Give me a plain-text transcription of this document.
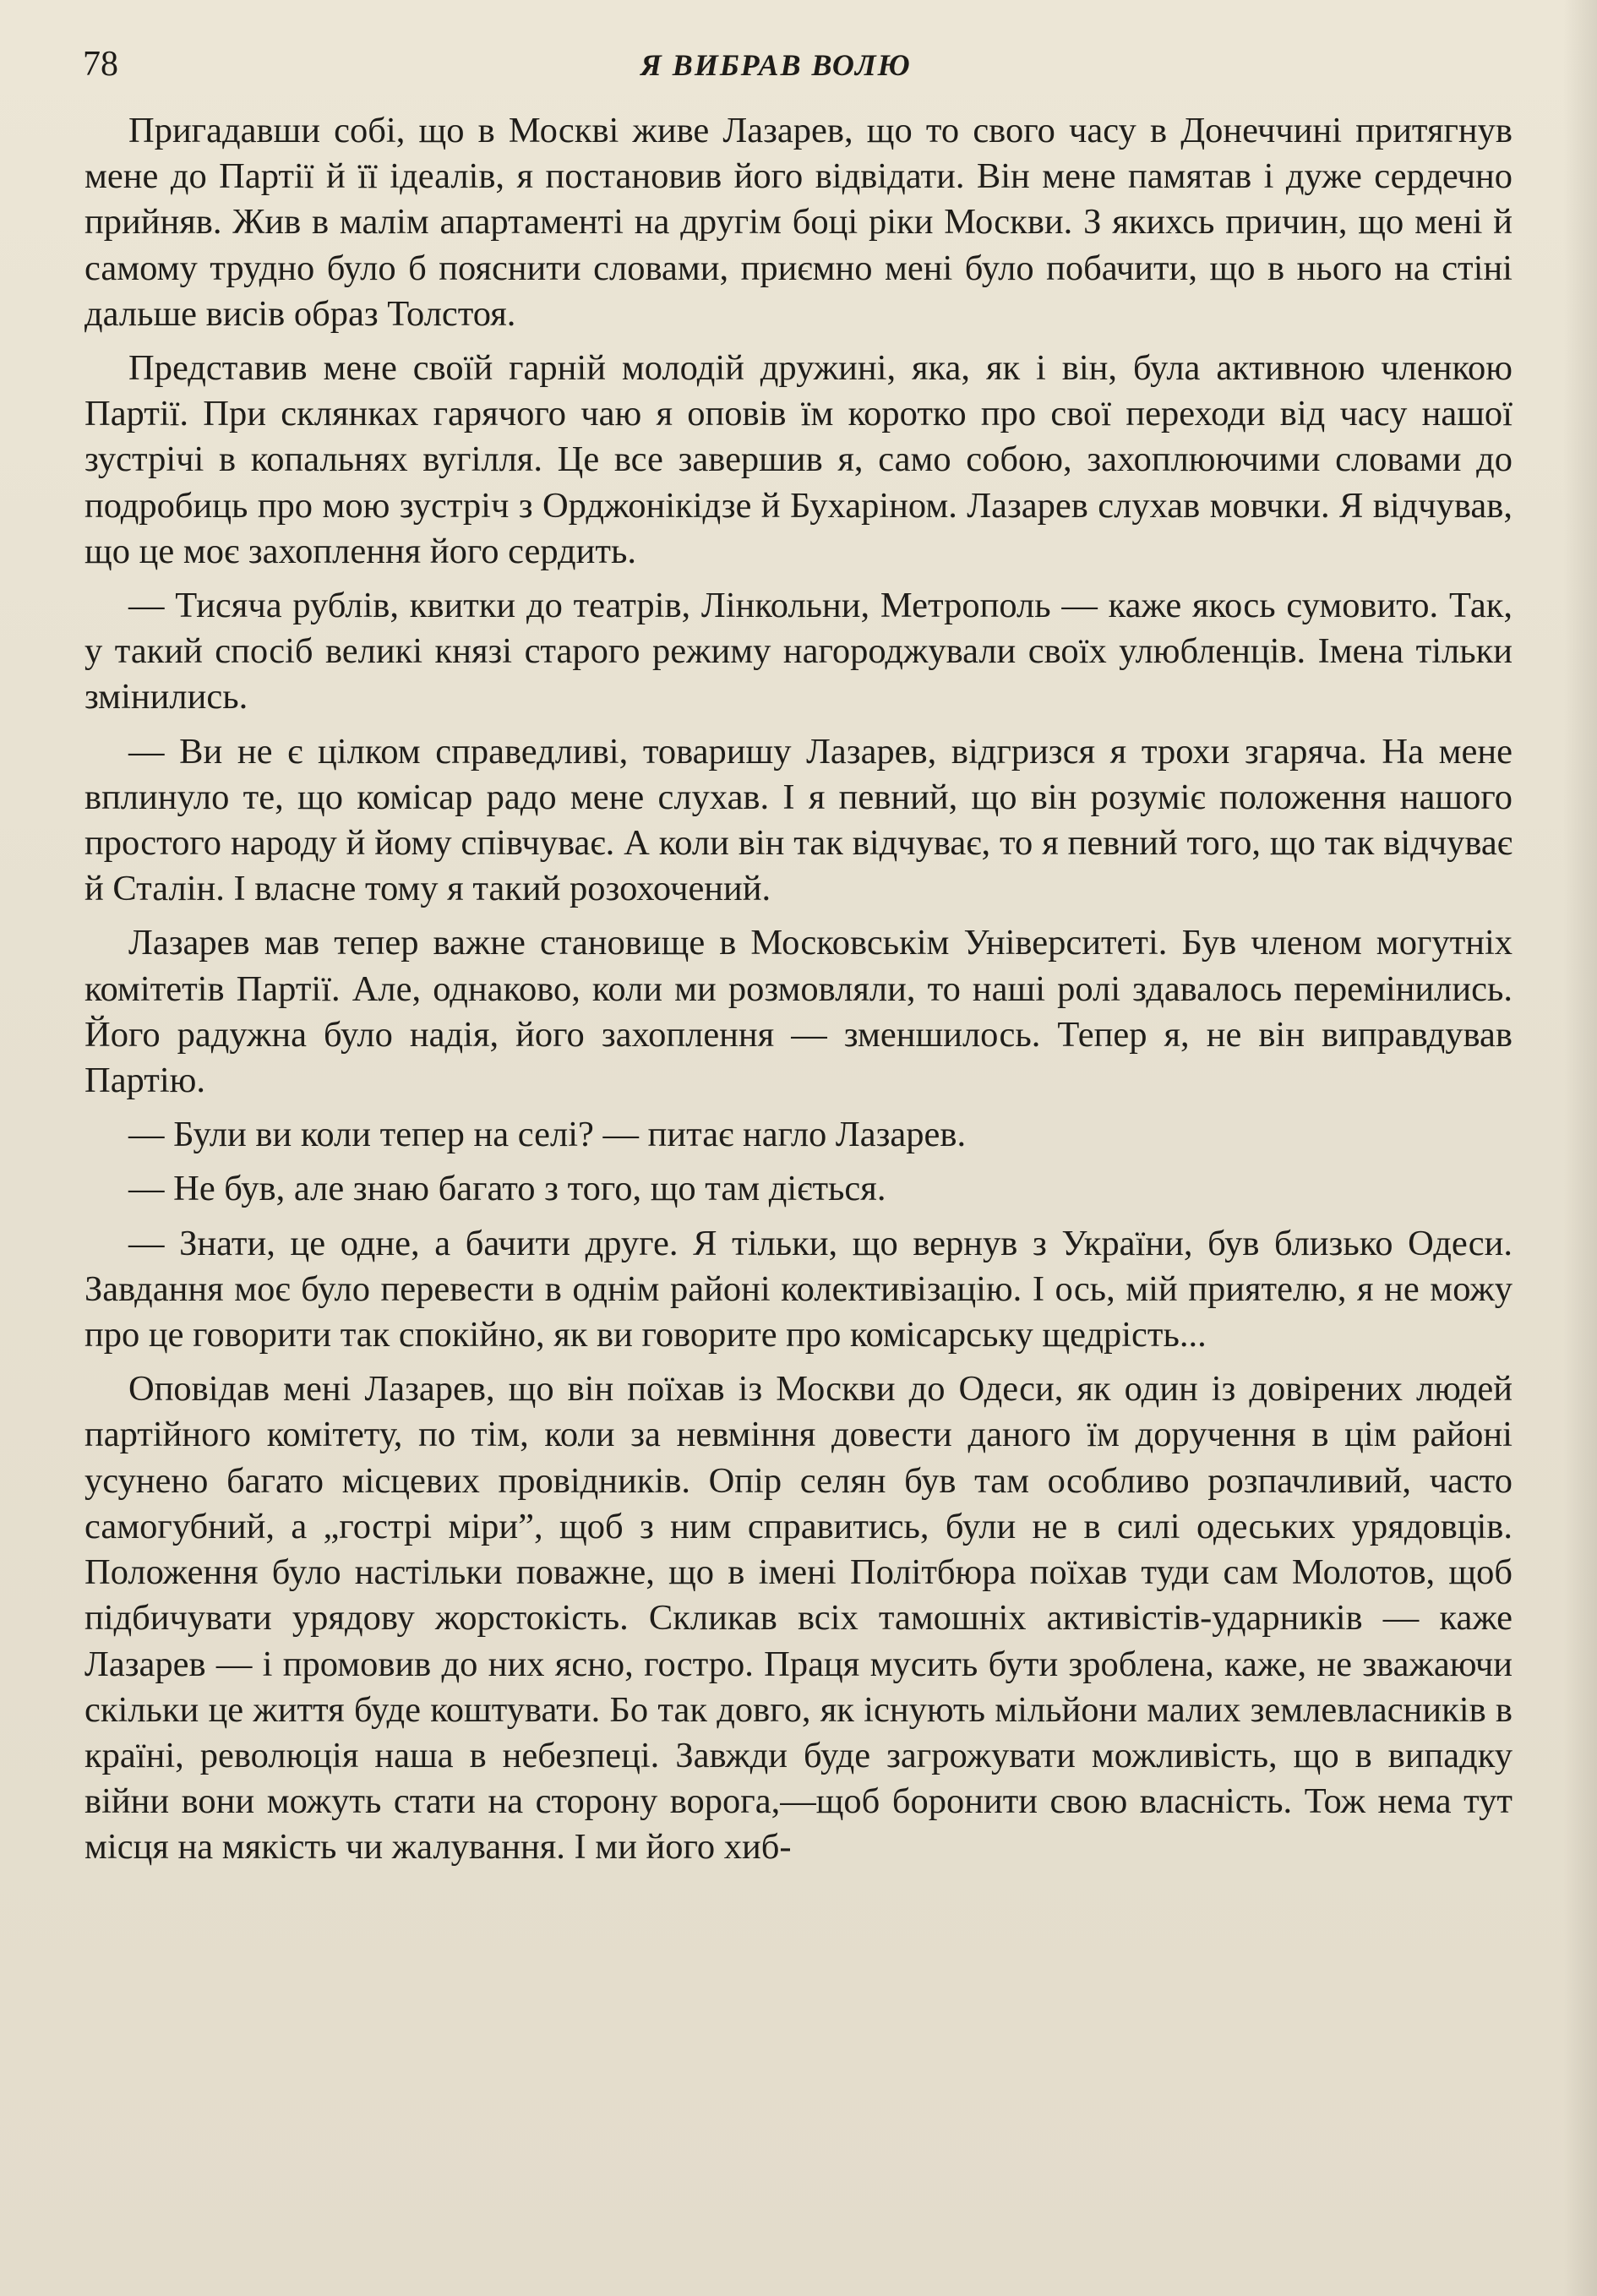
78	Я ВИБРАВ ВОЛЮ

Пригадавши собі, що в Москві живе Лазарев, що то свого часу в Донеччині притягнув мене до Партії й її ідеалів, я постановив його відвідати. Він мене памятав і дуже сердечно прийняв. Жив в малім апартаменті на другім боці ріки Москви. З якихсь причин, що мені й самому трудно було б пояснити словами, приємно мені було побачити, що в нього на стіні дальше висів образ Толстоя.

Представив мене своїй гарній молодій дружині, яка, як і він, була активною членкою Партії. При склянках гарячого чаю я оповів їм коротко про свої переходи від часу нашої зустрічі в копальнях вугілля. Це все завершив я, само собою, захоплюючими словами до подробиць про мою зустріч з Орджонікідзе й Бухаріном. Лазарев слухав мовчки. Я відчував, що це моє захоплення його сердить.

— Тисяча рублів, квитки до театрів, Лінкольни, Метрополь — каже якось сумовито. Так, у такий спосіб великі князі старого режиму нагороджували своїх улюбленців. Імена тільки змінились.

— Ви не є цілком справедливі, товаришу Лазарев, відгризся я трохи згаряча. На мене вплинуло те, що комісар радо мене слухав. І я певний, що він розуміє положення нашого простого народу й йому співчуває. А коли він так відчуває, то я певний того, що так відчуває й Сталін. І власне тому я такий розохочений.

Лазарев мав тепер важне становище в Московськім Університеті. Був членом могутніх комітетів Партії. Але, однаково, коли ми розмовляли, то наші ролі здавалось перемінились. Його радужна було надія, його захоплення — зменшилось. Тепер я, не він виправдував Партію.

— Були ви коли тепер на селі? — питає нагло Лазарев.

— Не був, але знаю багато з того, що там діється.

— Знати, це одне, а бачити друге. Я тільки, що вернув з України, був близько Одеси. Завдання моє було перевести в однім районі колективізацію. І ось, мій приятелю, я не можу про це говорити так спокійно, як ви говорите про комісарську щедрість...

Оповідав мені Лазарев, що він поїхав із Москви до Одеси, як один із довірених людей партійного комітету, по тім, коли за невміння довести даного їм доручення в цім районі усунено багато місцевих провідників. Опір селян був там особливо розпачливий, часто самогубний, а „гострі міри”, щоб з ним справитись, були не в силі одеських урядовців. Положення було настільки поважне, що в імені Політбюра поїхав туди сам Молотов, щоб підбичувати урядову жорстокість. Скликав всіх тамошніх активістів-ударників — каже Лазарев — і промовив до них ясно, гостро. Праця мусить бути зроблена, каже, не зважаючи скільки це життя буде коштувати. Бо так довго, як існують мільйони малих землевласників в країні, революція наша в небезпеці. Завжди буде загрожувати можливість, що в випадку війни вони можуть стати на сторону ворога,—щоб боронити свою власність. Тож нема тут місця на мякість чи жалування. І ми його хиб-
